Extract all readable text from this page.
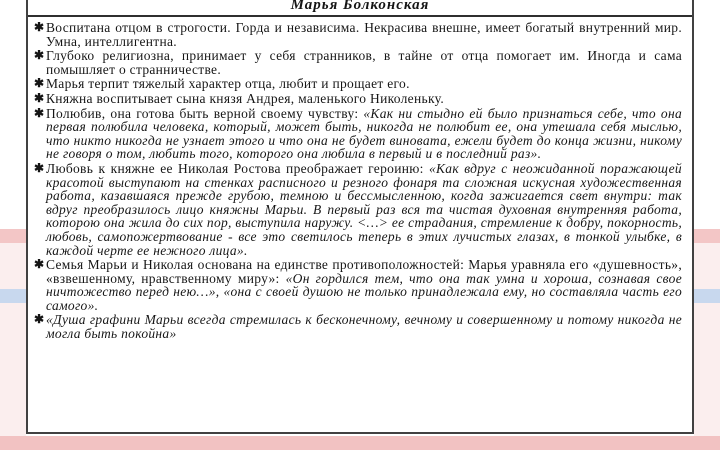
Марья Болконская
✱ Воспитана отцом в строгости. Горда и независима. Некрасива внешне, имеет богатый внутренний мир. Умна, интеллигентна.
✱ Глубоко религиозна, принимает у себя странников, в тайне от отца помогает им. Иногда и сама помышляет о странничестве.
✱ Марья терпит тяжелый характер отца, любит и прощает его.
✱ Княжна воспитывает сына князя Андрея, маленького Николеньку.
✱ Полюбив, она готова быть верной своему чувству: «Как ни стыдно ей было признаться себе, что она первая полюбила человека, который, может быть, никогда не полюбит ее, она утешала себя мыслью, что никто никогда не узнает этого и что она не будет виновата, ежели будет до конца жизни, никому не говоря о том, любить того, которого она любила в первый и в последний раз».
✱ Любовь к княжне ее Николая Ростова преображает героиню: «Как вдруг с неожиданной поражающей красотой выступают на стенках расписного и резного фонаря та сложная искусная художественная работа, казавшаяся прежде грубою, темною и бессмысленною, когда зажигается свет внутри: так вдруг преобразилось лицо княжны Марьи. В первый раз вся та чистая духовная внутренняя работа, которою она жила до сих пор, выступила наружу. <…> ее страдания, стремление к добру, покорность, любовь, самопожертвование - все это светилось теперь в этих лучистых глазах, в тонкой улыбке, в каждой черте ее нежного лица».
✱ Семья Марьи и Николая основана на единстве противоположностей: Марья уравняла его «душевность», «взвешенному, нравственному миру»: «Он гордился тем, что она так умна и хороша, сознавая свое ничтожество перед нею…», «она с своей душою не только принадлежала ему, но составляла часть его самого».
✱ «Душа графини Марьи всегда стремилась к бесконечному, вечному и совершенному и потому никогда не могла быть покойна»
